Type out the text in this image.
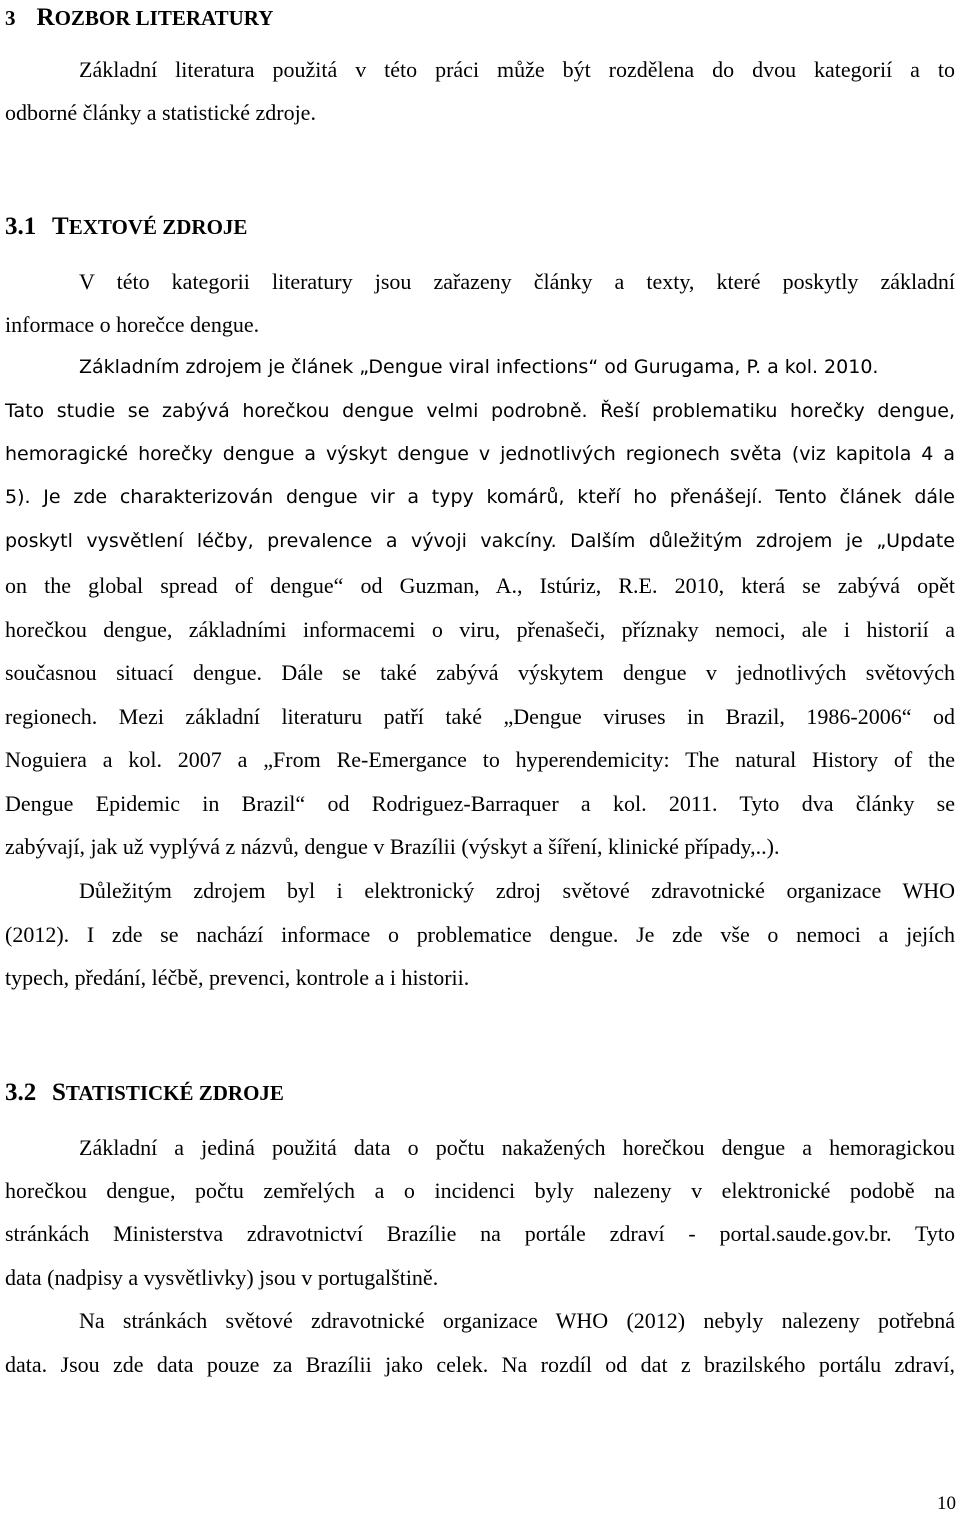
3 ROZBOR LITERATURY
Základní literatura použitá v této práci může být rozdělena do dvou kategorií a to
odborné články a statistické zdroje.
3.1 TEXTOVÉ ZDROJE
V této kategorii literatury jsou zařazeny články a texty, které poskytly základní
informace o horečce dengue.
Základním zdrojem je článek „Dengue viral infections“ od Gurugama, P. a kol. 2010.
Tato studie se zabývá horečkou dengue velmi podrobně. Řeší problematiku horečky dengue,
hemoragické horečky dengue a výskyt dengue v jednotlivých regionech světa (viz kapitola 4 a
5). Je zde charakterizován dengue vir a typy komárů, kteří ho přenášejí. Tento článek dále
poskytl vysvětlení léčby, prevalence a vývoji vakcíny. Dalším důležitým zdrojem je „Update
on the global spread of dengue“ od Guzman, A., Istúriz, R.E. 2010, která se zabývá opět
horečkou dengue, základními informacemi o viru, přenašeči, příznaky nemoci, ale i historií a
současnou situací dengue. Dále se také zabývá výskytem dengue v jednotlivých světových
regionech. Mezi základní literaturu patří také „Dengue viruses in Brazil, 1986-2006“ od
Noguiera a kol. 2007 a „From Re-Emergance to hyperendemicity: The natural History of the
Dengue Epidemic in Brazil“ od Rodriguez-Barraquer a kol. 2011. Tyto dva články se
zabývají, jak už vyplývá z názvů, dengue v Brazílii (výskyt a šíření, klinické případy,..).
Důležitým zdrojem byl i elektronický zdroj světové zdravotnické organizace WHO
(2012). I zde se nachází informace o problematice dengue. Je zde vše o nemoci a jejích
typech, předání, léčbě, prevenci, kontrole a i historii.
3.2 STATISTICKÉ ZDROJE
Základní a jediná použitá data o počtu nakažených horečkou dengue a hemoragickou
horečkou dengue, počtu zemřelých a o incidenci byly nalezeny v elektronické podobě na
stránkách Ministerstva zdravotnictví Brazílie na portále zdraví - portal.saude.gov.br. Tyto
data (nadpisy a vysvětlivky) jsou v portugalštině.
Na stránkách světové zdravotnické organizace WHO (2012) nebyly nalezeny potřebná
data. Jsou zde data pouze za Brazílii jako celek. Na rozdíl od dat z brazilského portálu zdraví,
10
